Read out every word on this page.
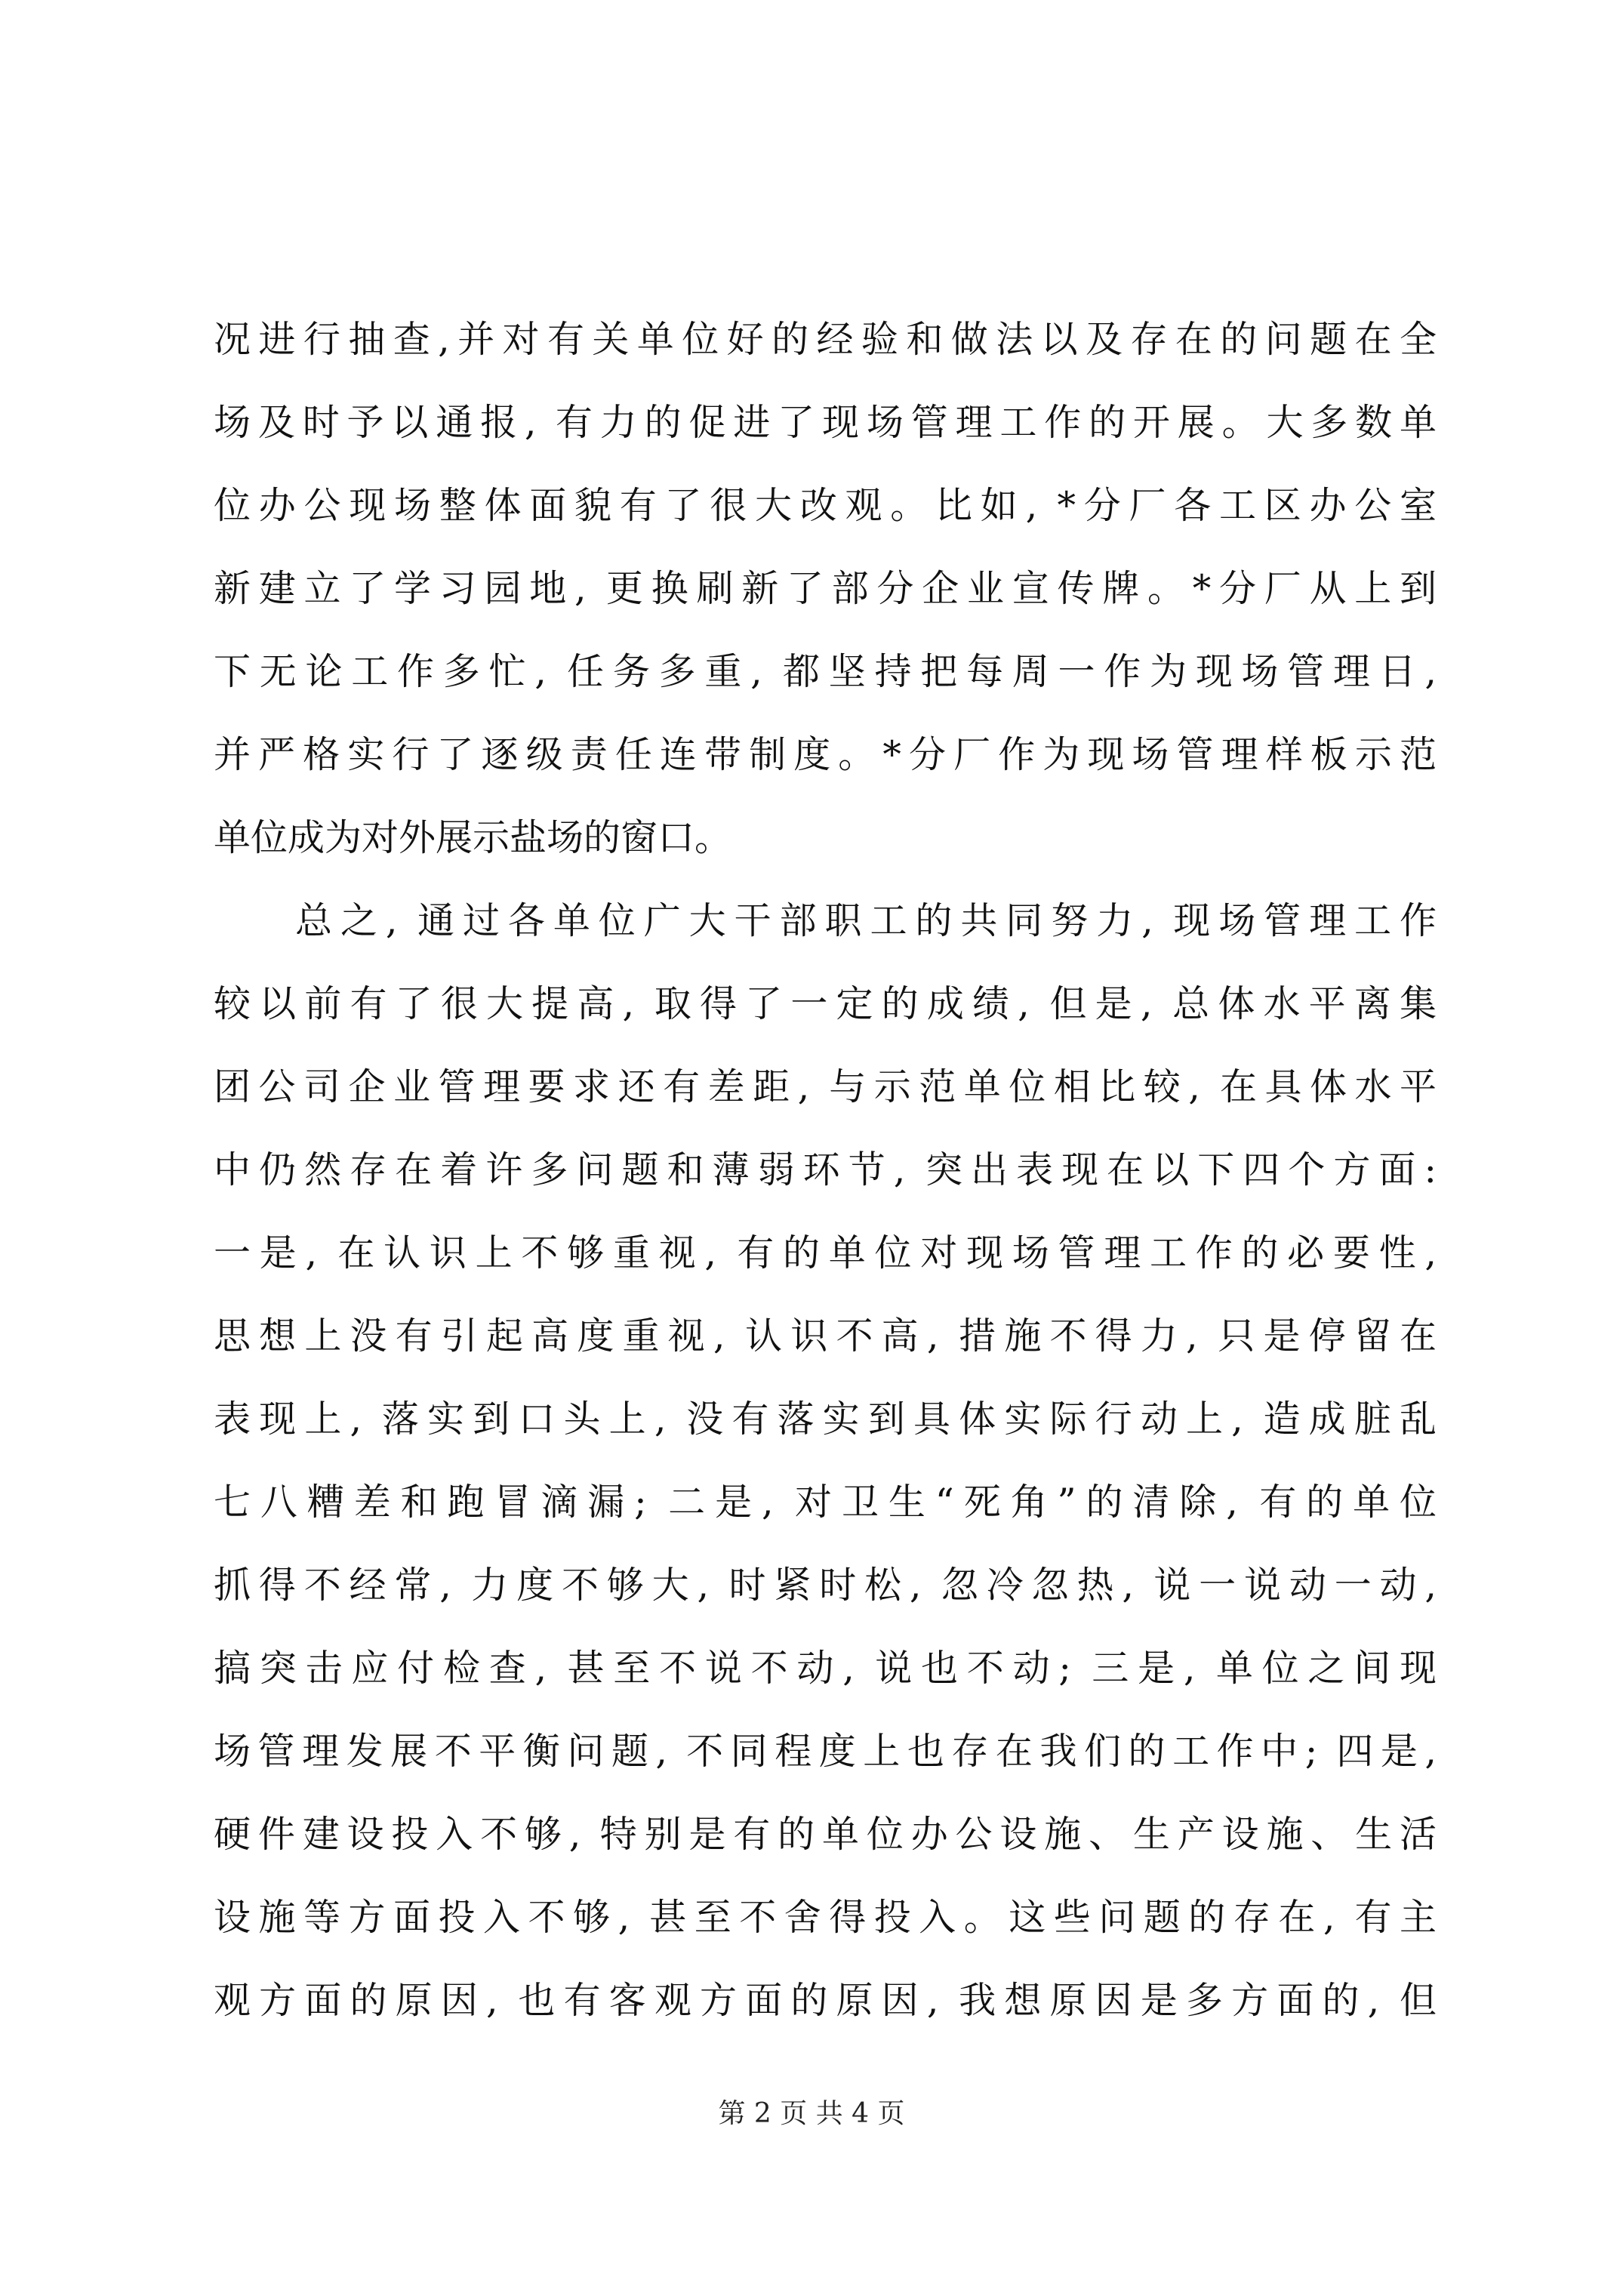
况进行抽查,并对有关单位好的经验和做法以及存在的问题在全
场及时予以通报, 有力的促进了现场管理工作的开展。大多数单
位办公现场整体面貌有了很大改观。比如, *分厂各工区办公室
新建立了学习园地, 更换刷新了部分企业宣传牌。*分厂从上到
下无论工作多忙, 任务多重, 都坚持把每周一作为现场管理日,
并严格实行了逐级责任连带制度。*分厂作为现场管理样板示范
单位成为对外展示盐场的窗口。
总之, 通过各单位广大干部职工的共同努力, 现场管理工作
较以前有了很大提高, 取得了一定的成绩, 但是, 总体水平离集
团公司企业管理要求还有差距, 与示范单位相比较, 在具体水平
中仍然存在着许多问题和薄弱环节, 突出表现在以下四个方面:
一是, 在认识上不够重视, 有的单位对现场管理工作的必要性,
思想上没有引起高度重视, 认识不高, 措施不得力, 只是停留在
表现上, 落实到口头上, 没有落实到具体实际行动上, 造成脏乱
七八糟差和跑冒滴漏; 二是, 对卫生“死角”的清除, 有的单位
抓得不经常, 力度不够大, 时紧时松, 忽冷忽热, 说一说动一动,
搞突击应付检查, 甚至不说不动, 说也不动; 三是, 单位之间现
场管理发展不平衡问题, 不同程度上也存在我们的工作中; 四是,
硬件建设投入不够, 特别是有的单位办公设施、生产设施、生活
设施等方面投入不够, 甚至不舍得投入。这些问题的存在, 有主
观方面的原因, 也有客观方面的原因, 我想原因是多方面的, 但
第 2 页 共 4 页
